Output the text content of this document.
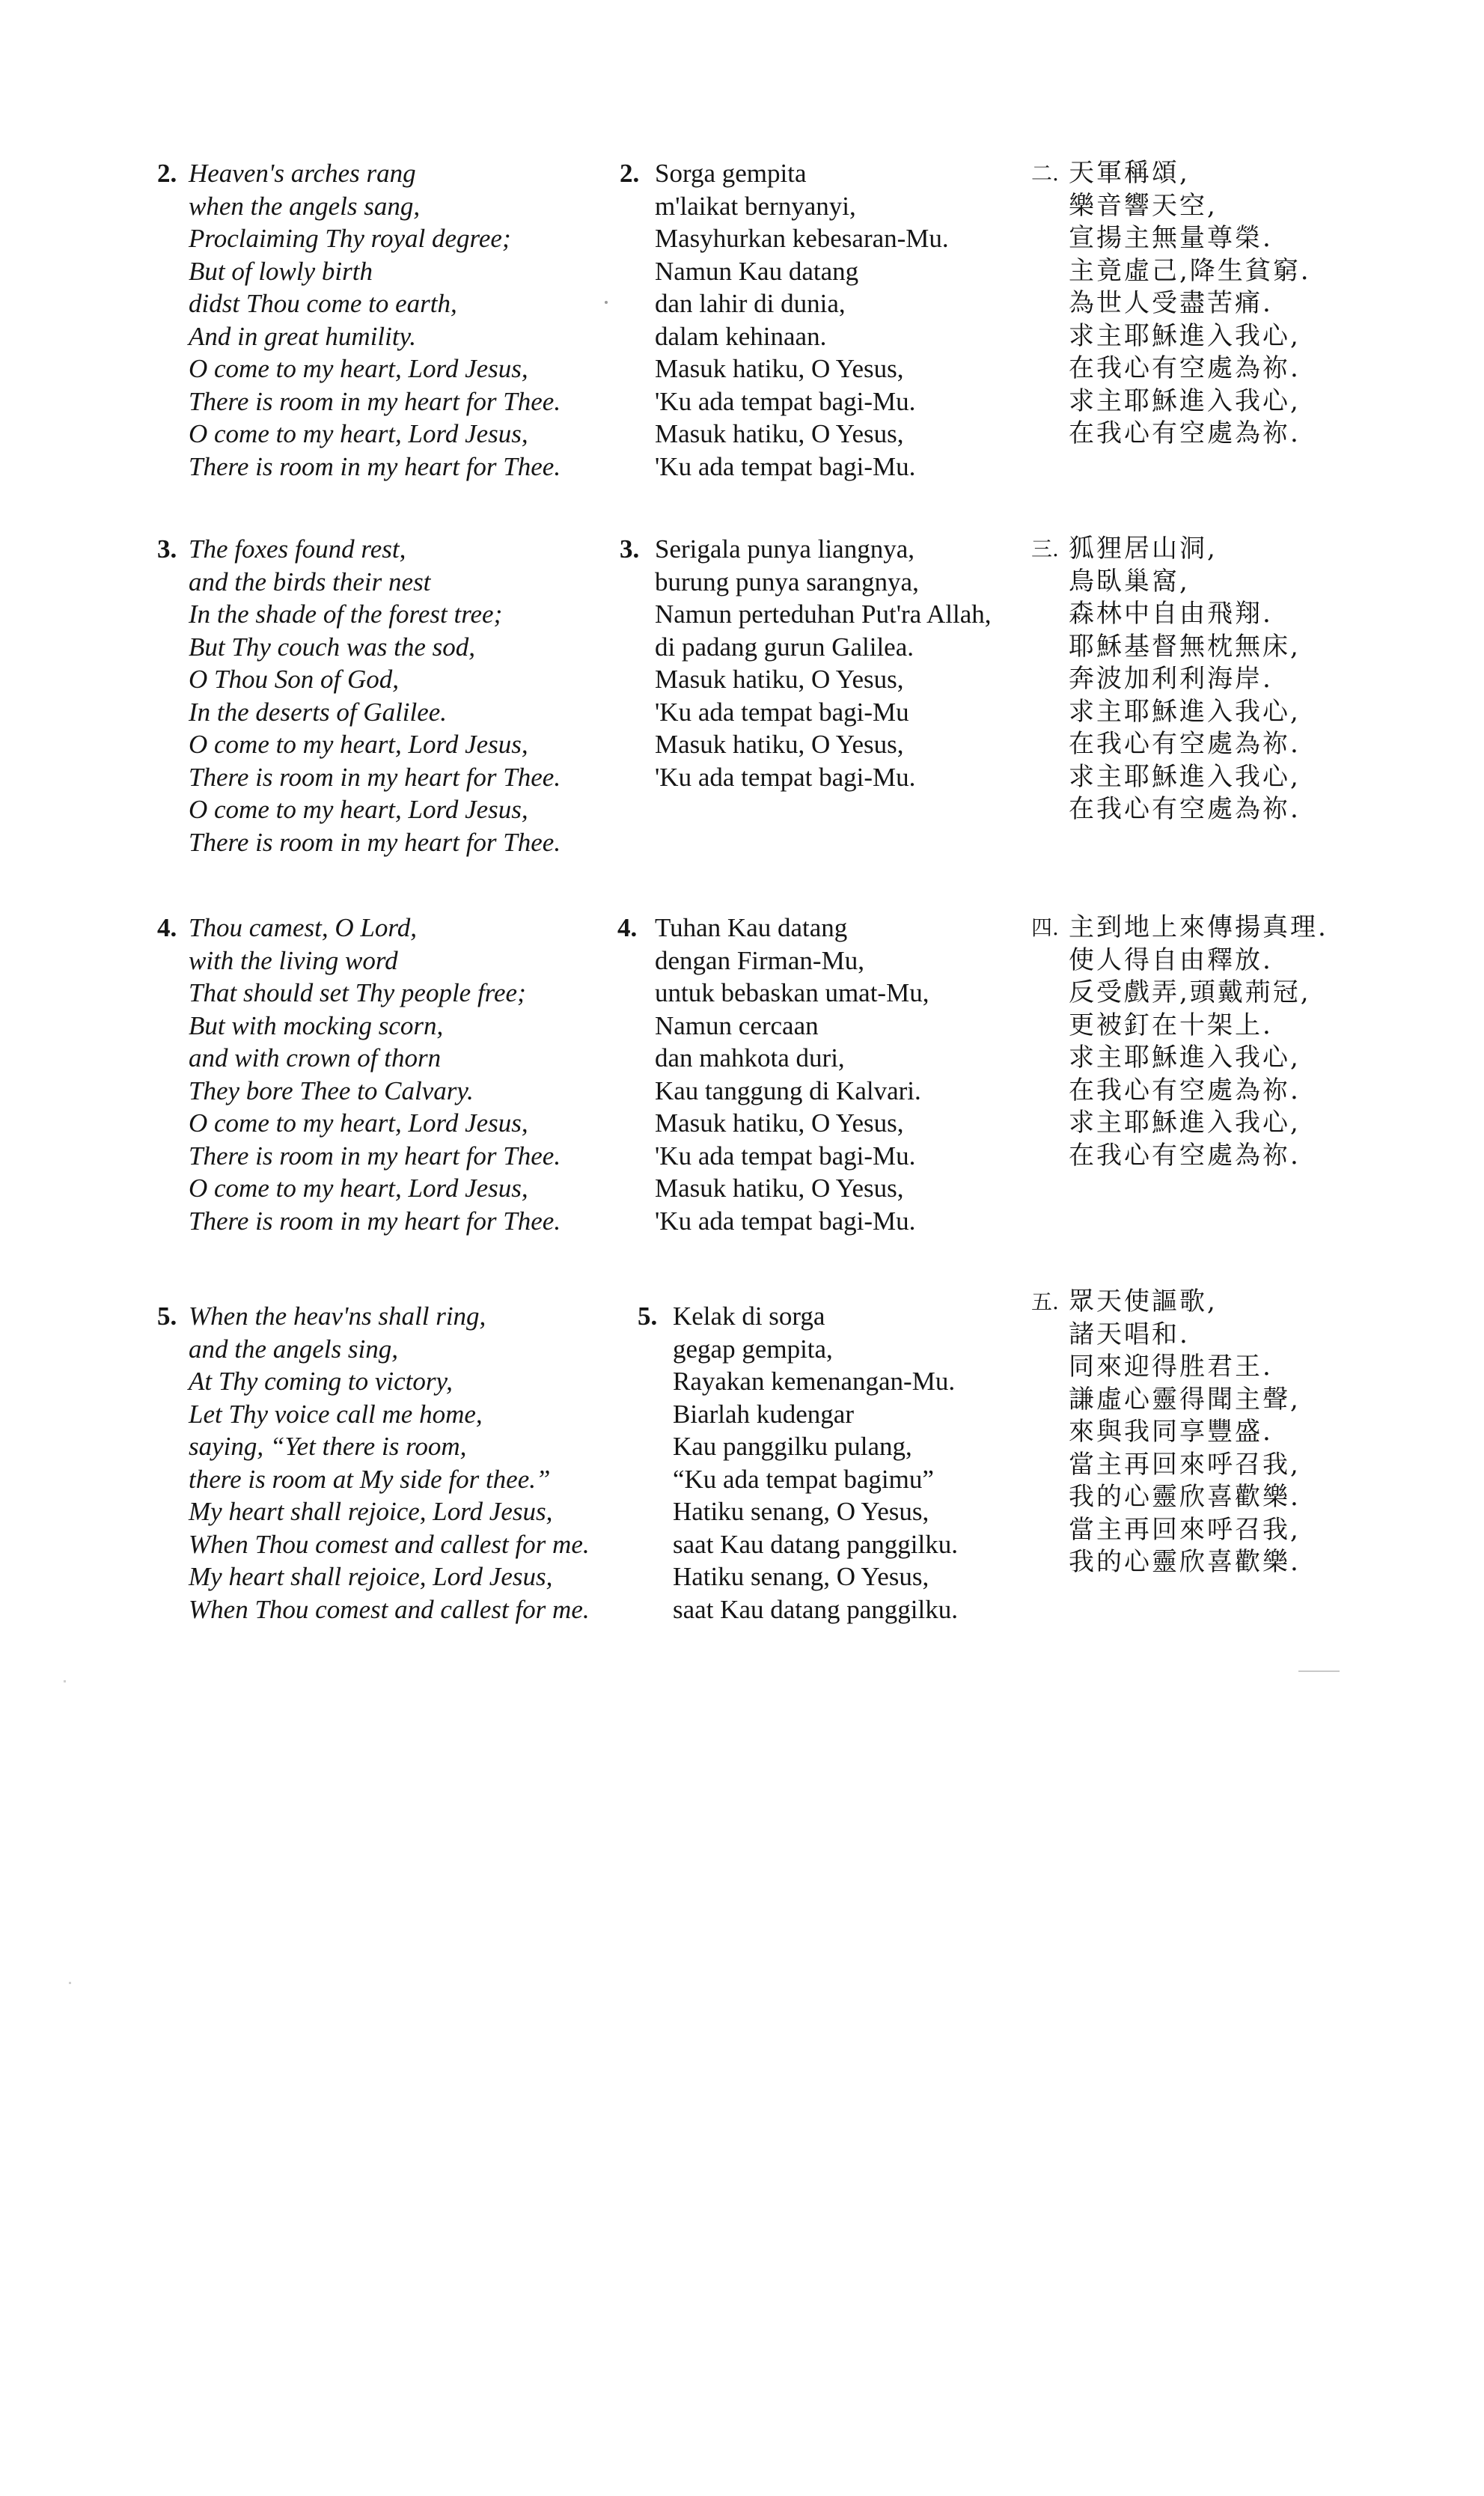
2. Heaven's arches rang
when the angels sang,
Proclaiming Thy royal degree;
But of lowly birth
didst Thou come to earth,
And in great humility.
O come to my heart, Lord Jesus,
There is room in my heart for Thee.
O come to my heart, Lord Jesus,
There is room in my heart for Thee.
3. The foxes found rest,
and the birds their nest
In the shade of the forest tree;
But Thy couch was the sod,
O Thou Son of God,
In the deserts of Galilee.
O come to my heart, Lord Jesus,
There is room in my heart for Thee.
O come to my heart, Lord Jesus,
There is room in my heart for Thee.
4. Thou camest, O Lord,
with the living word
That should set Thy people free;
But with mocking scorn,
and with crown of thorn
They bore Thee to Calvary.
O come to my heart, Lord Jesus,
There is room in my heart for Thee.
O come to my heart, Lord Jesus,
There is room in my heart for Thee.
5. When the heav'ns shall ring,
and the angels sing,
At Thy coming to victory,
Let Thy voice call me home,
saying, “Yet there is room,
there is room at My side for thee.”
My heart shall rejoice, Lord Jesus,
When Thou comest and callest for me.
My heart shall rejoice, Lord Jesus,
When Thou comest and callest for me.
2. Sorga gempita
m'laikat bernyanyi,
Masyhurkan kebesaran-Mu.
Namun Kau datang
dan lahir di dunia,
dalam kehinaan.
Masuk hatiku, O Yesus,
'Ku ada tempat bagi-Mu.
Masuk hatiku, O Yesus,
'Ku ada tempat bagi-Mu.
3. Serigala punya liangnya,
burung punya sarangnya,
Namun perteduhan Put'ra Allah,
di padang gurun Galilea.
Masuk hatiku, O Yesus,
'Ku ada tempat bagi-Mu
Masuk hatiku, O Yesus,
'Ku ada tempat bagi-Mu.
4. Tuhan Kau datang
dengan Firman-Mu,
untuk bebaskan umat-Mu,
Namun cercaan
dan mahkota duri,
Kau tanggung di Kalvari.
Masuk hatiku, O Yesus,
'Ku ada tempat bagi-Mu.
Masuk hatiku, O Yesus,
'Ku ada tempat bagi-Mu.
5. Kelak di sorga
gegap gempita,
Rayakan kemenangan-Mu.
Biarlah kudengar
Kau panggilku pulang,
“Ku ada tempat bagimu”
Hatiku senang, O Yesus,
saat Kau datang panggilku.
Hatiku senang, O Yesus,
saat Kau datang panggilku.
二. 天軍稱頌,
樂音響天空,
宣揚主無量尊榮.
主竟虛己,降生貧窮.
為世人受盡苦痛.
求主耶穌進入我心,
在我心有空處為祢.
求主耶穌進入我心,
在我心有空處為祢.
三. 狐狸居山洞,
鳥臥巢窩,
森林中自由飛翔.
耶穌基督無枕無床,
奔波加利利海岸.
求主耶穌進入我心,
在我心有空處為祢.
求主耶穌進入我心,
在我心有空處為祢.
四. 主到地上來傳揚真理.
使人得自由釋放.
反受戲弄,頭戴荊冠,
更被釘在十架上.
求主耶穌進入我心,
在我心有空處為祢.
求主耶穌進入我心,
在我心有空處為祢.
五. 眾天使謳歌,
諸天唱和.
同來迎得胜君王.
謙虛心靈得聞主聲,
來與我同享豐盛.
當主再回來呼召我,
我的心靈欣喜歡樂.
當主再回來呼召我,
我的心靈欣喜歡樂.
